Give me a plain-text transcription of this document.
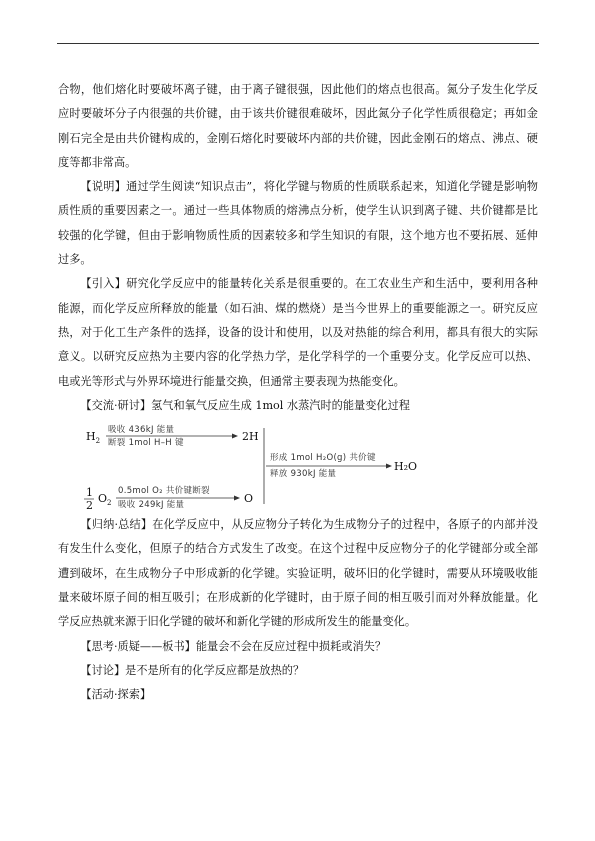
合物，他们熔化时要破坏离子键，由于离子键很强，因此他们的熔点也很高。氮分子发生化学反应时要破坏分子内很强的共价键，由于该共价键很难破坏，因此氮分子化学性质很稳定；再如金刚石完全是由共价键构成的，金刚石熔化时要破坏内部的共价键，因此金刚石的熔点、沸点、硬度等都非常高。

【说明】通过学生阅读“知识点击”，将化学键与物质的性质联系起来，知道化学键是影响物质性质的重要因素之一。通过一些具体物质的熔沸点分析，使学生认识到离子键、共价键都是比较强的化学键，但由于影响物质性质的因素较多和学生知识的有限，这个地方也不要拓展、延伸过多。

【引入】研究化学反应中的能量转化关系是很重要的。在工农业生产和生活中，要利用各种能源，而化学反应所释放的能量（如石油、煤的燃烧）是当今世界上的重要能源之一。研究反应热，对于化工生产条件的选择，设备的设计和使用，以及对热能的综合利用，都具有很大的实际意义。以研究反应热为主要内容的化学热力学，是化学科学的一个重要分支。化学反应可以热、电或光等形式与外界环境进行能量交换，但通常主要表现为热能变化。

【交流·研讨】氢气和氧气反应生成 1mol 水蒸汽时的能量变化过程

$H_2$
吸收 436kJ 能量
断裂 1mol H–H 键	2H
1
2
$O_2$
0.5mol O₂ 共价键断裂
吸收 249kJ 能量	O
形成 1mol H₂O(g) 共价键
释放 930kJ 能量
H₂O

【归纳·总结】在化学反应中，从反应物分子转化为生成物分子的过程中，各原子的内部并没有发生什么变化，但原子的结合方式发生了改变。在这个过程中反应物分子的化学键部分或全部遭到破坏，在生成物分子中形成新的化学键。实验证明，破坏旧的化学键时，需要从环境吸收能量来破坏原子间的相互吸引；在形成新的化学键时，由于原子间的相互吸引而对外释放能量。化学反应热就来源于旧化学键的破坏和新化学键的形成所发生的能量变化。

【思考·质疑——板书】能量会不会在反应过程中损耗或消失？

【讨论】是不是所有的化学反应都是放热的？

【活动·探索】
